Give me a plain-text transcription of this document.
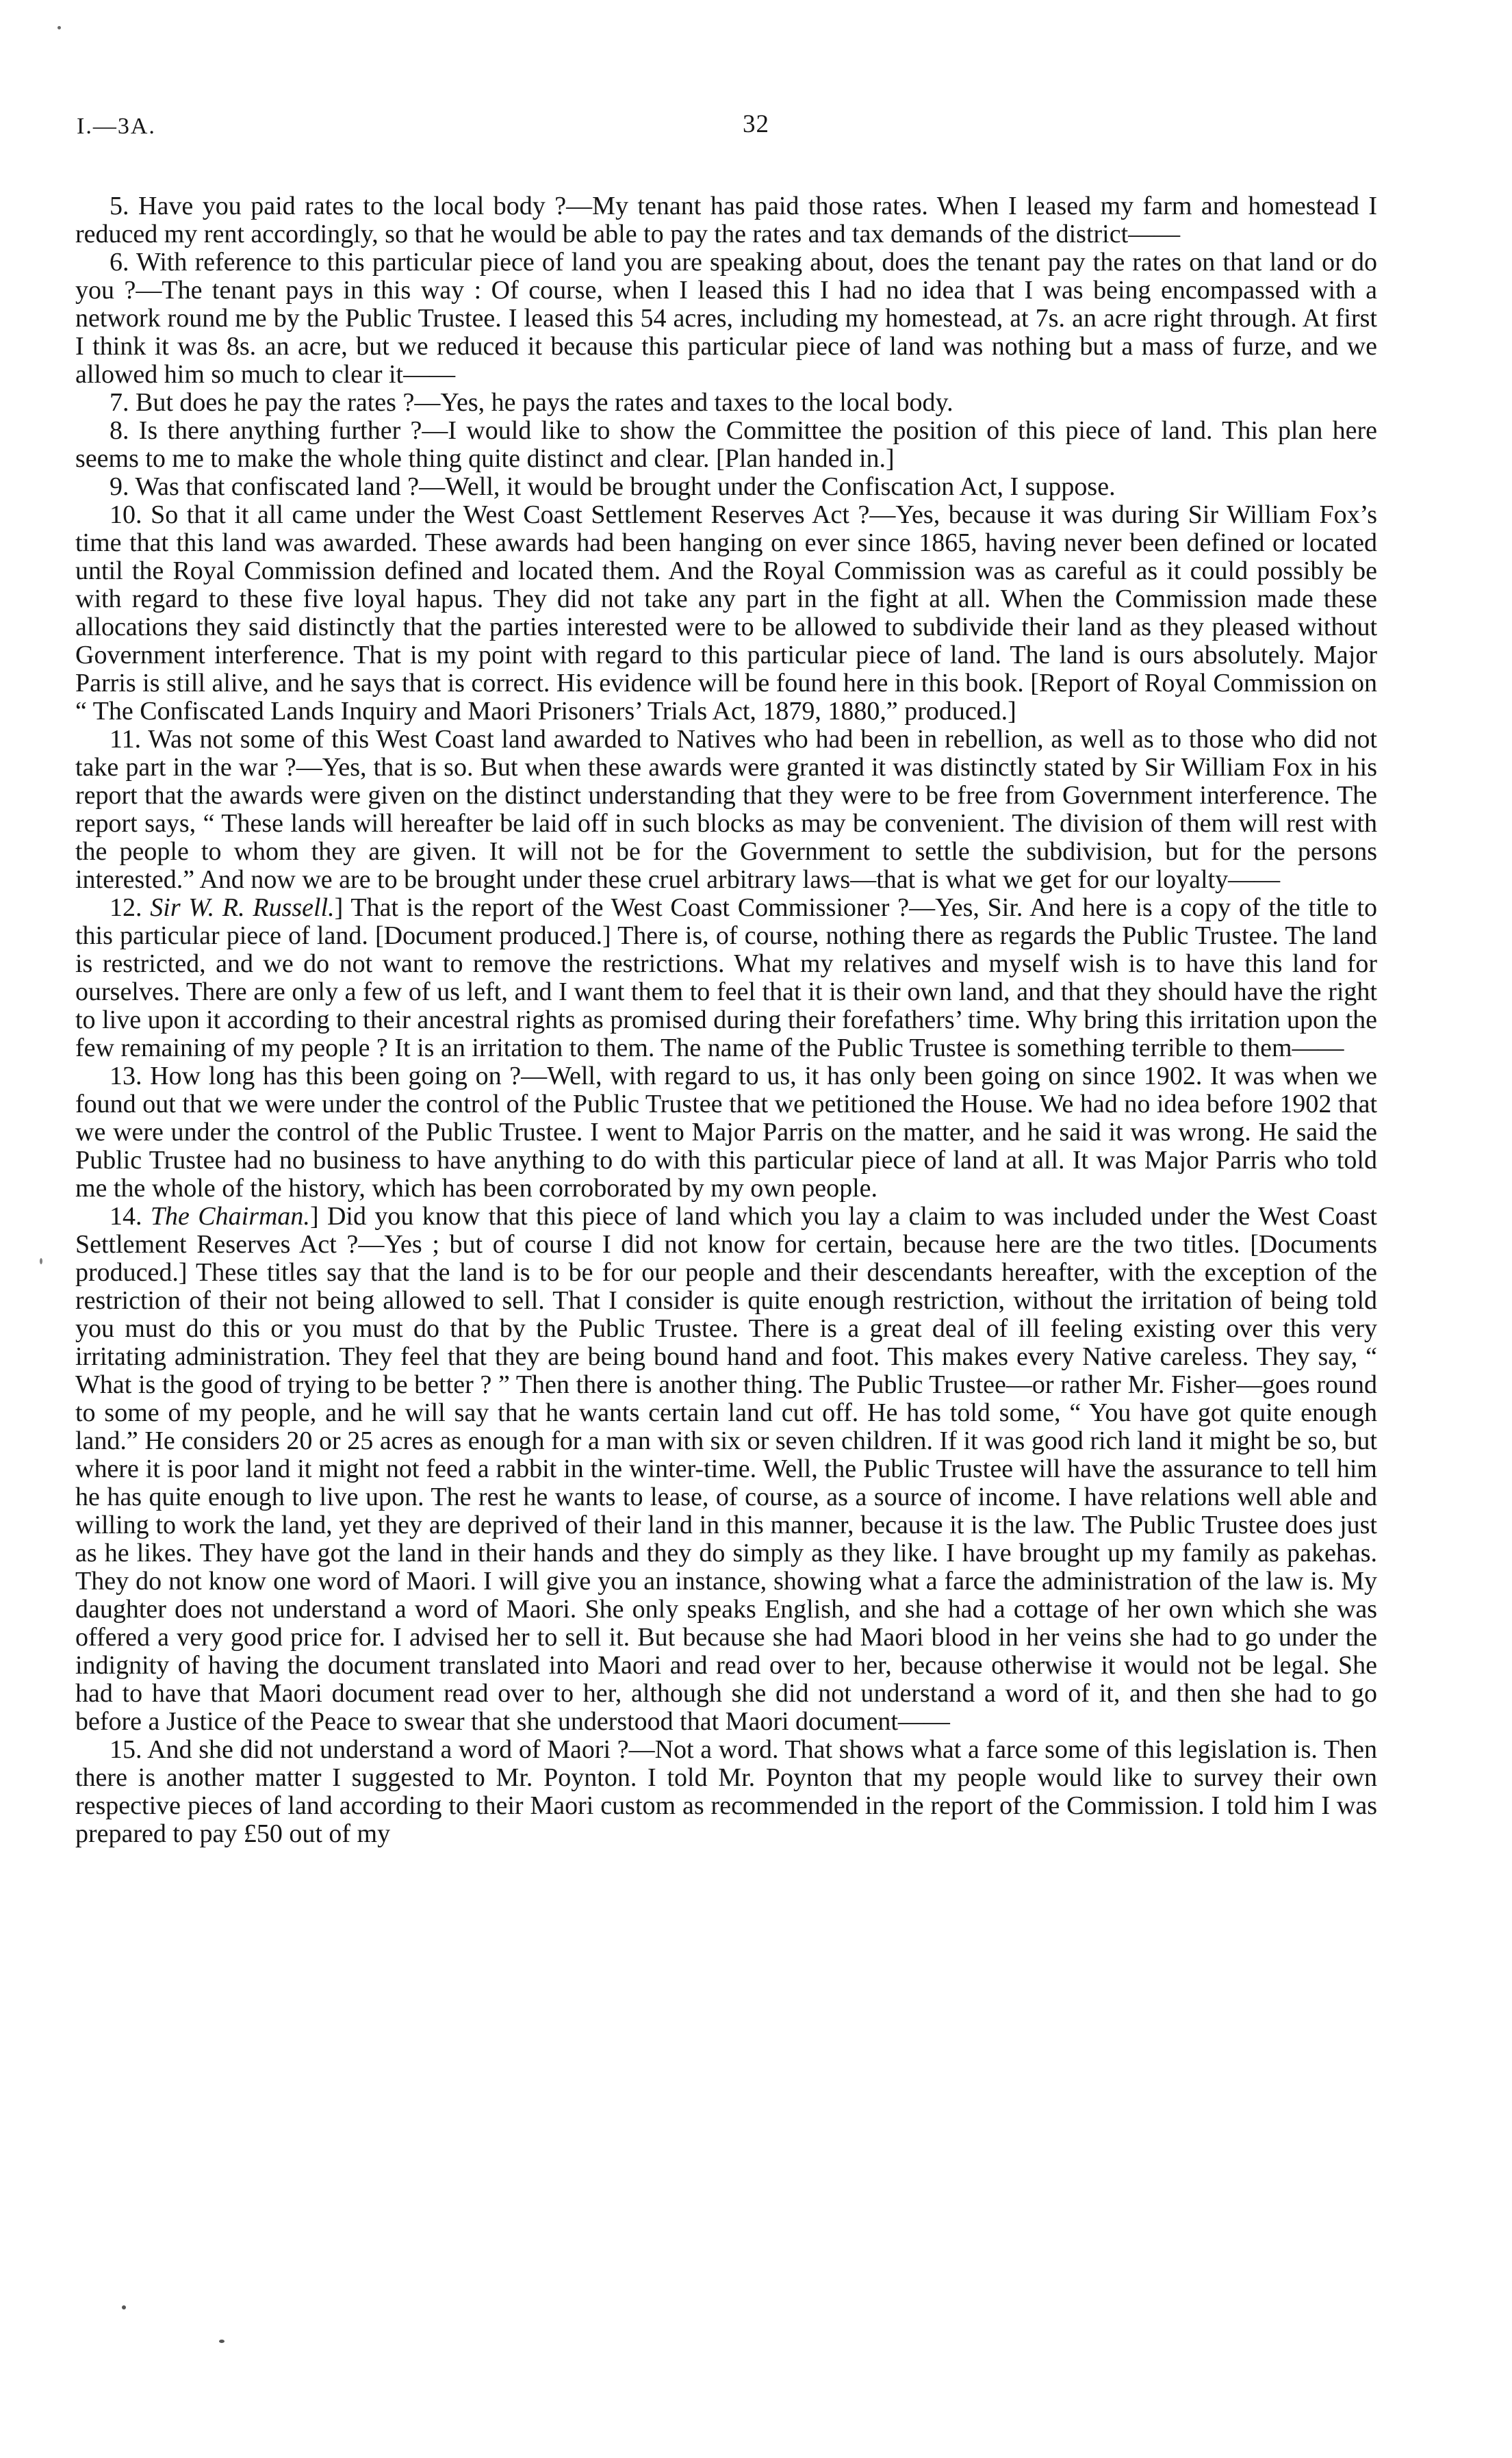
I.—3A.	32

5. Have you paid rates to the local body ?—My tenant has paid those rates. When I leased my farm and homestead I reduced my rent accordingly, so that he would be able to pay the rates and tax demands of the district——

6. With reference to this particular piece of land you are speaking about, does the tenant pay the rates on that land or do you ?—The tenant pays in this way : Of course, when I leased this I had no idea that I was being encompassed with a network round me by the Public Trustee. I leased this 54 acres, including my homestead, at 7s. an acre right through. At first I think it was 8s. an acre, but we reduced it because this particular piece of land was nothing but a mass of furze, and we allowed him so much to clear it——

7. But does he pay the rates ?—Yes, he pays the rates and taxes to the local body.

8. Is there anything further ?—I would like to show the Committee the position of this piece of land. This plan here seems to me to make the whole thing quite distinct and clear. [Plan handed in.]

9. Was that confiscated land ?—Well, it would be brought under the Confiscation Act, I suppose.

10. So that it all came under the West Coast Settlement Reserves Act ?—Yes, because it was during Sir William Fox’s time that this land was awarded. These awards had been hanging on ever since 1865, having never been defined or located until the Royal Commission defined and located them. And the Royal Commission was as careful as it could possibly be with regard to these five loyal hapus. They did not take any part in the fight at all. When the Commission made these allocations they said distinctly that the parties interested were to be allowed to subdivide their land as they pleased without Government interference. That is my point with regard to this particular piece of land. The land is ours absolutely. Major Parris is still alive, and he says that is correct. His evidence will be found here in this book. [Report of Royal Commission on “ The Confiscated Lands Inquiry and Maori Prisoners’ Trials Act, 1879, 1880,” produced.]

11. Was not some of this West Coast land awarded to Natives who had been in rebellion, as well as to those who did not take part in the war ?—Yes, that is so. But when these awards were granted it was distinctly stated by Sir William Fox in his report that the awards were given on the distinct understanding that they were to be free from Government interference. The report says, “ These lands will hereafter be laid off in such blocks as may be convenient. The division of them will rest with the people to whom they are given. It will not be for the Government to settle the subdivision, but for the persons interested.” And now we are to be brought under these cruel arbitrary laws—that is what we get for our loyalty——

12. Sir W. R. Russell.] That is the report of the West Coast Commissioner ?—Yes, Sir. And here is a copy of the title to this particular piece of land. [Document produced.] There is, of course, nothing there as regards the Public Trustee. The land is restricted, and we do not want to remove the restrictions. What my relatives and myself wish is to have this land for ourselves. There are only a few of us left, and I want them to feel that it is their own land, and that they should have the right to live upon it according to their ancestral rights as promised during their forefathers’ time. Why bring this irritation upon the few remaining of my people ? It is an irritation to them. The name of the Public Trustee is something terrible to them——

13. How long has this been going on ?—Well, with regard to us, it has only been going on since 1902. It was when we found out that we were under the control of the Public Trustee that we petitioned the House. We had no idea before 1902 that we were under the control of the Public Trustee. I went to Major Parris on the matter, and he said it was wrong. He said the Public Trustee had no business to have anything to do with this particular piece of land at all. It was Major Parris who told me the whole of the history, which has been corroborated by my own people.

14. The Chairman.] Did you know that this piece of land which you lay a claim to was included under the West Coast Settlement Reserves Act ?—Yes ; but of course I did not know for certain, because here are the two titles. [Documents produced.] These titles say that the land is to be for our people and their descendants hereafter, with the exception of the restriction of their not being allowed to sell. That I consider is quite enough restriction, without the irritation of being told you must do this or you must do that by the Public Trustee. There is a great deal of ill feeling existing over this very irritating administration. They feel that they are being bound hand and foot. This makes every Native careless. They say, “ What is the good of trying to be better ? ” Then there is another thing. The Public Trustee—or rather Mr. Fisher—goes round to some of my people, and he will say that he wants certain land cut off. He has told some, “ You have got quite enough land.” He considers 20 or 25 acres as enough for a man with six or seven children. If it was good rich land it might be so, but where it is poor land it might not feed a rabbit in the winter-time. Well, the Public Trustee will have the assurance to tell him he has quite enough to live upon. The rest he wants to lease, of course, as a source of income. I have relations well able and willing to work the land, yet they are deprived of their land in this manner, because it is the law. The Public Trustee does just as he likes. They have got the land in their hands and they do simply as they like. I have brought up my family as pakehas. They do not know one word of Maori. I will give you an instance, showing what a farce the administration of the law is. My daughter does not understand a word of Maori. She only speaks English, and she had a cottage of her own which she was offered a very good price for. I advised her to sell it. But because she had Maori blood in her veins she had to go under the indignity of having the document translated into Maori and read over to her, because otherwise it would not be legal. She had to have that Maori document read over to her, although she did not understand a word of it, and then she had to go before a Justice of the Peace to swear that she understood that Maori document——

15. And she did not understand a word of Maori ?—Not a word. That shows what a farce some of this legislation is. Then there is another matter I suggested to Mr. Poynton. I told Mr. Poynton that my people would like to survey their own respective pieces of land according to their Maori custom as recommended in the report of the Commission. I told him I was prepared to pay £50 out of my
